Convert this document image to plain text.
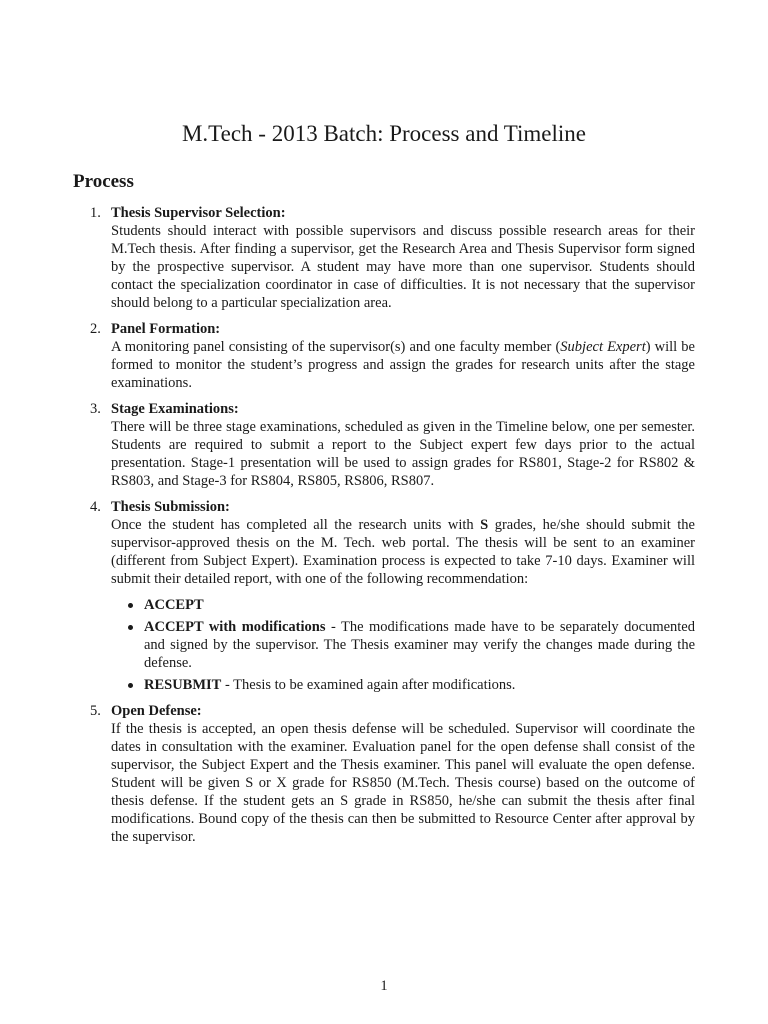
M.Tech - 2013 Batch: Process and Timeline
Process
1. Thesis Supervisor Selection:
Students should interact with possible supervisors and discuss possible research areas for their M.Tech thesis. After finding a supervisor, get the Research Area and Thesis Supervisor form signed by the prospective supervisor. A student may have more than one supervisor. Students should contact the specialization coordinator in case of difficulties. It is not necessary that the supervisor should belong to a particular specialization area.
2. Panel Formation:
A monitoring panel consisting of the supervisor(s) and one faculty member (Subject Expert) will be formed to monitor the student’s progress and assign the grades for research units after the stage examinations.
3. Stage Examinations:
There will be three stage examinations, scheduled as given in the Timeline below, one per semester. Students are required to submit a report to the Subject expert few days prior to the actual presentation. Stage-1 presentation will be used to assign grades for RS801, Stage-2 for RS802 & RS803, and Stage-3 for RS804, RS805, RS806, RS807.
4. Thesis Submission:
Once the student has completed all the research units with S grades, he/she should submit the supervisor-approved thesis on the M. Tech. web portal. The thesis will be sent to an examiner (different from Subject Expert). Examination process is expected to take 7-10 days. Examiner will submit their detailed report, with one of the following recommendation:
ACCEPT
ACCEPT with modifications - The modifications made have to be separately documented and signed by the supervisor. The Thesis examiner may verify the changes made during the defense.
RESUBMIT - Thesis to be examined again after modifications.
5. Open Defense:
If the thesis is accepted, an open thesis defense will be scheduled. Supervisor will coordinate the dates in consultation with the examiner. Evaluation panel for the open defense shall consist of the supervisor, the Subject Expert and the Thesis examiner. This panel will evaluate the open defense. Student will be given S or X grade for RS850 (M.Tech. Thesis course) based on the outcome of thesis defense. If the student gets an S grade in RS850, he/she can submit the thesis after final modifications. Bound copy of the thesis can then be submitted to Resource Center after approval by the supervisor.
1
